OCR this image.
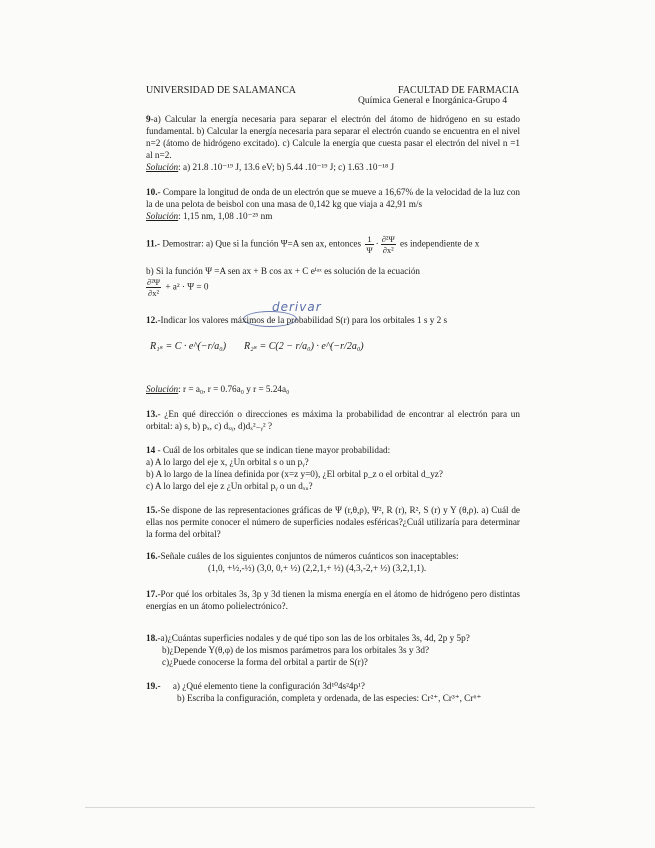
UNIVERSIDAD DE SALAMANCA	FACULTAD DE FARMACIA
Química General e Inorgánica-Grupo 4
9-a) Calcular la energía necesaria para separar el electrón del átomo de hidrógeno en su estado fundamental. b) Calcular la energía necesaria para separar el electrón cuando se encuentra en el nivel n=2 (átomo de hidrógeno excitado). c) Calcule la energía que cuesta pasar el electrón del nivel n =1 al n=2.
Solución: a) 21.8 .10⁻¹⁹ J, 13.6 eV; b) 5.44 .10⁻¹⁹ J; c) 1.63 .10⁻¹⁸ J
10.- Compare la longitud de onda de un electrón que se mueve a 16,67% de la velocidad de la luz con la de una pelota de beisbol con una masa de 0,142 kg que viaja a 42,91 m/s
Solución: 1,15 nm, 1,08 .10⁻²⁵ nm
11.- Demostrar: a) Que si la función Ψ=A sen ax, entonces $\frac{1}{\Psi} \cdot \frac{\text{∂²Ψ}}{\text{∂x²}}$ es independiente de x
b) Si la función Ψ =A sen ax + B cos ax + C eⁱᵃˣ es solución de la ecuación

$\frac{\text{∂²Ψ}}{\text{∂x²}} + a^2 \cdot \Psi = 0$
derivar
12.-Indicar los valores máximos de la probabilidad S(r) para los orbitales 1 s y 2 s
R₁ₛ = C · e^(−r/a₀) R₂ₛ = C(2 − r/a₀) · e^(−r/2a₀)
Solución: r = a₀, r = 0.76a₀ y r = 5.24a₀
13.- ¿En qué dirección o direcciones es máxima la probabilidad de encontrar al electrón para un orbital: a) s, b) pₓ, c) dₓᵧ, d)dₓ²₋ᵧ² ?
14 - Cuál de los orbitales que se indican tiene mayor probabilidad:
a) A lo largo del eje x, ¿Un orbital s o un pᵧ?
b) A lo largo de la línea definida por (x=z y=0), ¿El orbital p_z o el orbital d_yz?
c) A lo largo del eje z ¿Un orbital pᵧ o un dₓᵤ?
15.-Se dispone de las representaciones gráficas de Ψ (r,θ,ρ), Ψ², R (r), R², S (r) y Y (θ,ρ). a) Cuál de ellas nos permite conocer el número de superficies nodales esféricas?¿Cuál utilizaría para determinar la forma del orbital?
16.-Señale cuáles de los siguientes conjuntos de números cuánticos son inaceptables:
(1,0, +½,-½) (3,0, 0,+ ½) (2,2,1,+ ½) (4,3,-2,+ ½) (3,2,1,1).
17.-Por qué los orbitales 3s, 3p y 3d tienen la misma energía en el átomo de hidrógeno pero distintas energías en un átomo polielectrónico?.
18.-a)¿Cuántas superficies nodales y de qué tipo son las de los orbitales 3s, 4d, 2p y 5p?
b)¿Depende Y(θ,φ) de los mismos parámetros para los orbitales 3s y 3d?
c)¿Puede conocerse la forma del orbital a partir de S(r)?
19.- a) ¿Qué elemento tiene la configuración 3d¹⁰4s²4p¹?
b) Escriba la configuración, completa y ordenada, de las especies: Cr²⁺, Cr³⁺, Cr⁶⁺
